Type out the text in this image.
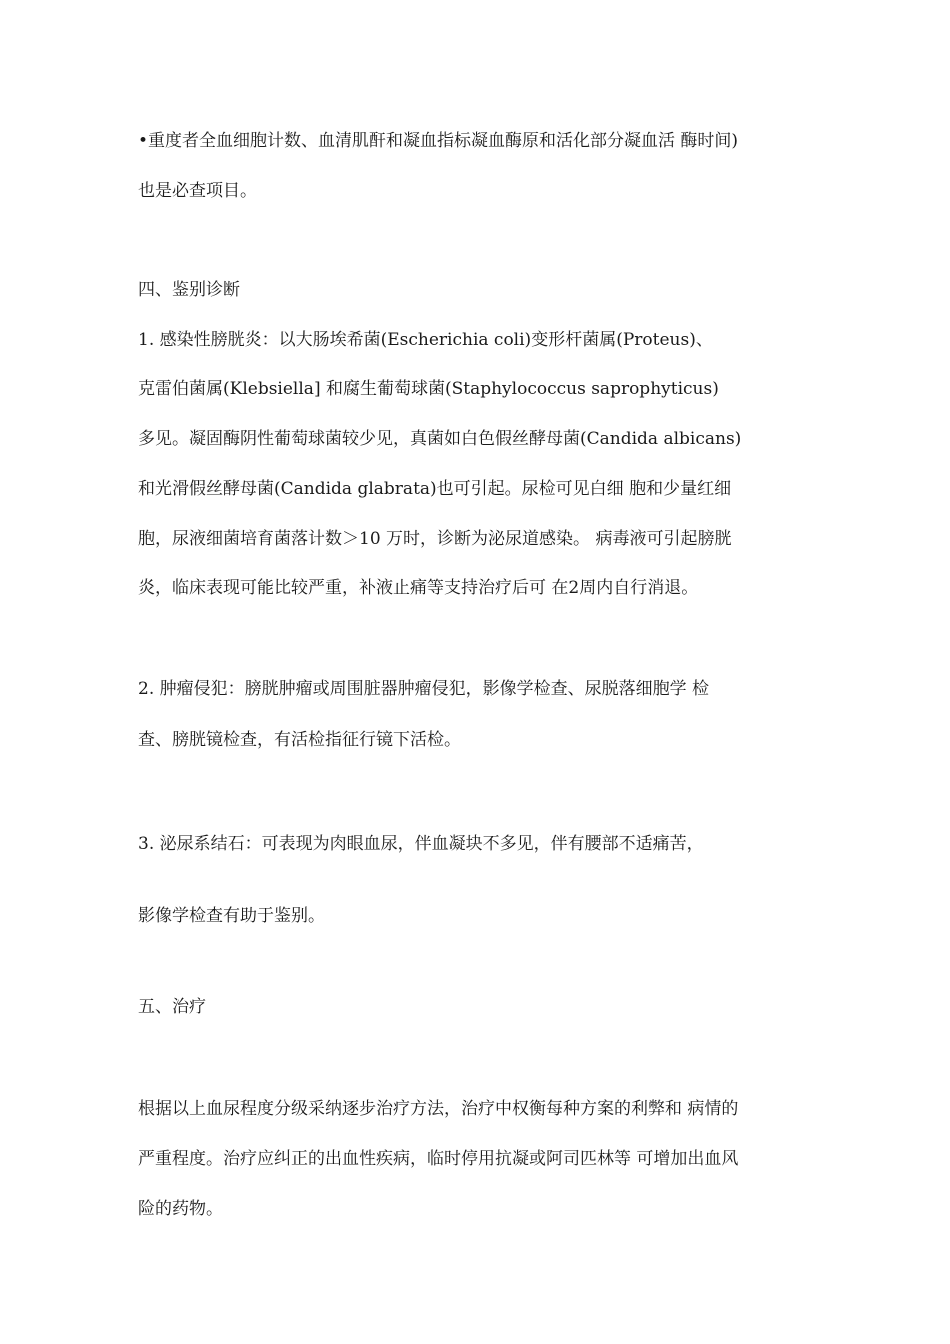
•重度者全血细胞计数、血清肌酐和凝血指标凝血酶原和活化部分凝血活 酶时间)
也是必查项目。
四、鉴别诊断
1. 感染性膀胱炎：以大肠埃希菌(Escherichia coli)变形杆菌属(Proteus)、
克雷伯菌属(Klebsiella] 和腐生葡萄球菌(Staphylococcus saprophyticus)
多见。凝固酶阴性葡萄球菌较少见，真菌如白色假丝酵母菌(Candida albicans)
和光滑假丝酵母菌(Candida glabrata)也可引起。尿检可见白细 胞和少量红细
胞，尿液细菌培育菌落计数＞10 万时，诊断为泌尿道感染。 病毒液可引起膀胱
炎，临床表现可能比较严重，补液止痛等支持治疗后可 在2周内自行消退。
2. 肿瘤侵犯：膀胱肿瘤或周围脏器肿瘤侵犯，影像学检查、尿脱落细胞学 检
查、膀胱镜检查，有活检指征行镜下活检。
3. 泌尿系结石：可表现为肉眼血尿，伴血凝块不多见，伴有腰部不适痛苦，
影像学检查有助于鉴别。
五、治疗
根据以上血尿程度分级采纳逐步治疗方法，治疗中权衡每种方案的利弊和 病情的
严重程度。治疗应纠正的出血性疾病，临时停用抗凝或阿司匹林等 可增加出血风
险的药物。
